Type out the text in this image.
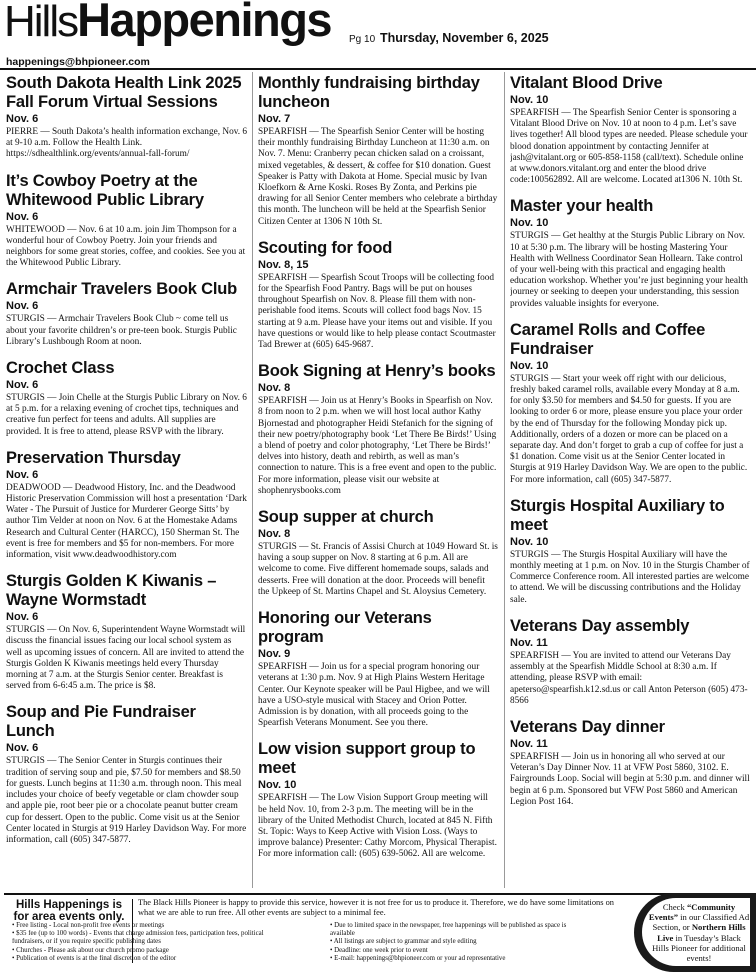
HillsHappenings Pg 10 Thursday, November 6, 2025
happenings@bhpioneer.com
South Dakota Health Link 2025 Fall Forum Virtual Sessions
Nov. 6
PIERRE — South Dakota’s health information exchange, Nov. 6 at 9-10 a.m. Follow the Health Link. https://sdhealthlink.org/events/annual-fall-forum/
It’s Cowboy Poetry at the Whitewood Public Library
Nov. 6
WHITEWOOD — Nov. 6 at 10 a.m. join Jim Thompson for a wonderful hour of Cowboy Poetry. Join your friends and neighbors for some great stories, coffee, and cookies. See you at the Whitewood Public Library.
Armchair Travelers Book Club
Nov. 6
STURGIS — Armchair Travelers Book Club ~ come tell us about your favorite children’s or pre-teen book. Sturgis Public Library’s Lushbough Room at noon.
Crochet Class
Nov. 6
STURGIS — Join Chelle at the Sturgis Public Library on Nov. 6 at 5 p.m. for a relaxing evening of crochet tips, techniques and creative fun perfect for teens and adults. All supplies are provided. It is free to attend, please RSVP with the library.
Preservation Thursday
Nov. 6
DEADWOOD — Deadwood History, Inc. and the Deadwood Historic Preservation Commission will host a presentation ‘Dark Water - The Pursuit of Justice for Murderer George Sitts’ by author Tim Velder at noon on Nov. 6 at the Homestake Adams Research and Cultural Center (HARCC), 150 Sherman St. The event is free for members and $5 for non-members. For more information, visit www.deadwoodhistory.com
Sturgis Golden K Kiwanis – Wayne Wormstadt
Nov. 6
STURGIS — On Nov. 6, Superintendent Wayne Wormstadt will discuss the financial issues facing our local school system as well as upcoming issues of concern. All are invited to attend the Sturgis Golden K Kiwanis meetings held every Thursday morning at 7 a.m. at the Sturgis Senior center. Breakfast is served from 6-6:45 a.m. The price is $8.
Soup and Pie Fundraiser Lunch
Nov. 6
STURGIS — The Senior Center in Sturgis continues their tradition of serving soup and pie, $7.50 for members and $8.50 for guests. Lunch begins at 11:30 a.m. through noon. This meal includes your choice of beefy vegetable or clam chowder soup and apple pie, root beer pie or a chocolate peanut butter cream cup for dessert. Open to the public. Come visit us at the Senior Center located in Sturgis at 919 Harley Davidson Way. For more information, call (605) 347-5877.
Monthly fundraising birthday luncheon
Nov. 7
SPEARFISH — The Spearfish Senior Center will be hosting their monthly fundraising Birthday Luncheon at 11:30 a.m. on Nov. 7. Menu: Cranberry pecan chicken salad on a croissant, mixed vegetables, & dessert, & coffee for $10 donation. Guest Speaker is Patty with Dakota at Home. Special music by Ivan Kloefkorn & Arne Koski. Roses By Zonta, and Perkins pie drawing for all Senior Center members who celebrate a birthday this month. The luncheon will be held at the Spearfish Senior Citizen Center at 1306 N 10th St.
Scouting for food
Nov. 8, 15
SPEARFISH — Spearfish Scout Troops will be collecting food for the Spearfish Food Pantry. Bags will be put on houses throughout Spearfish on Nov. 8. Please fill them with non-perishable food items. Scouts will collect food bags Nov. 15 starting at 9 a.m. Please have your items out and visible. If you have questions or would like to help please contact Scoutmaster Tad Brewer at (605) 645-9687.
Book Signing at Henry’s books
Nov. 8
SPEARFISH — Join us at Henry’s Books in Spearfish on Nov. 8 from noon to 2 p.m. when we will host local author Kathy Bjornestad and photographer Heidi Stefanich for the signing of their new poetry/photography book ‘Let There Be Birds!’ Using a blend of poetry and color photography, ‘Let There be Birds!’ delves into history, death and rebirth, as well as man’s connection to nature. This is a free event and open to the public. For more information, please visit our website at shophenrysbooks.com
Soup supper at church
Nov. 8
STURGIS — St. Francis of Assisi Church at 1049 Howard St. is having a soup supper on Nov. 8 starting at 6 p.m. All are welcome to come. Five different homemade soups, salads and desserts. Free will donation at the door. Proceeds will benefit the Upkeep of St. Martins Chapel and St. Aloysius Cemetery.
Honoring our Veterans program
Nov. 9
SPEARFISH — Join us for a special program honoring our veterans at 1:30 p.m. Nov. 9 at High Plains Western Heritage Center. Our Keynote speaker will be Paul Higbee, and we will have a USO-style musical with Stacey and Orion Potter. Admission is by donation, with all proceeds going to the Spearfish Veterans Monument. See you there.
Low vision support group to meet
Nov. 10
SPEARFISH — The Low Vision Support Group meeting will be held Nov. 10, from 2-3 p.m. The meeting will be in the library of the United Methodist Church, located at 845 N. Fifth St. Topic: Ways to Keep Active with Vision Loss. (Ways to improve balance) Presenter: Cathy Morcom, Physical Therapist. For more information call: (605) 639-5062. All are welcome.
Vitalant Blood Drive
Nov. 10
SPEARFISH — The Spearfish Senior Center is sponsoring a Vitalant Blood Drive on Nov. 10 at noon to 4 p.m. Let’s save lives together! All blood types are needed. Please schedule your blood donation appointment by contacting Jennifer at jash@vitalant.org or 605-858-1158 (call/text). Schedule online at www.donors.vitalant.org and enter the blood drive code:100562892. All are welcome. Located at1306 N. 10th St.
Master your health
Nov. 10
STURGIS — Get healthy at the Sturgis Public Library on Nov. 10 at 5:30 p.m. The library will be hosting Mastering Your Health with Wellness Coordinator Sean Hollearn. Take control of your well-being with this practical and engaging health education workshop. Whether you’re just beginning your health journey or seeking to deepen your understanding, this session provides valuable insights for everyone.
Caramel Rolls and Coffee Fundraiser
Nov. 10
STURGIS — Start your week off right with our delicious, freshly baked caramel rolls, available every Monday at 8 a.m. for only $3.50 for members and $4.50 for guests. If you are looking to order 6 or more, please ensure you place your order by the end of Thursday for the following Monday pick up. Additionally, orders of a dozen or more can be placed on a separate day. And don’t forget to grab a cup of coffee for just a $1 donation. Come visit us at the Senior Center located in Sturgis at 919 Harley Davidson Way. We are open to the public. For more information, call (605) 347-5877.
Sturgis Hospital Auxiliary to meet
Nov. 10
STURGIS — The Sturgis Hospital Auxiliary will have the monthly meeting at 1 p.m. on Nov. 10 in the Sturgis Chamber of Commerce Conference room. All interested parties are welcome to attend. We will be discussing contributions and the Holiday sale.
Veterans Day assembly
Nov. 11
SPEARFISH — You are invited to attend our Veterans Day assembly at the Spearfish Middle School at 8:30 a.m. If attending, please RSVP with email: apeterso@spearfish.k12.sd.us or call Anton Peterson (605) 473-8566
Veterans Day dinner
Nov. 11
SPEARFISH — Join us in honoring all who served at our Veteran’s Day Dinner Nov. 11 at VFW Post 5860, 3102. E. Fairgrounds Loop. Social will begin at 5:30 p.m. and dinner will begin at 6 p.m. Sponsored but VFW Post 5860 and American Legion Post 164.
Hills Happenings is for area events only.
The Black Hills Pioneer is happy to provide this service, however it is not free for us to produce it. Therefore, we do have some limitations on what we are able to run free. All other events are subject to a minimal fee.
• Free listing - Local non-profit free events or meetings
• $35 fee (up to 100 words) - Events that charge admission fees, participation fees, political
fundraisers, or if you require specific publishing dates
• Churches - Please ask about our church promo package
• Publication of events is at the final discretion of the editor
• Due to limited space in the newspaper, free happenings will be published as space is
available
• All listings are subject to grammar and style editing
• Deadline: one week prior to event
• E-mail: happenings@bhpioneer.com or your ad representative
Check “Community Events” in our Classified Ad Section, or Northern Hills Live in Tuesday’s Black Hills Pioneer for additional events!
